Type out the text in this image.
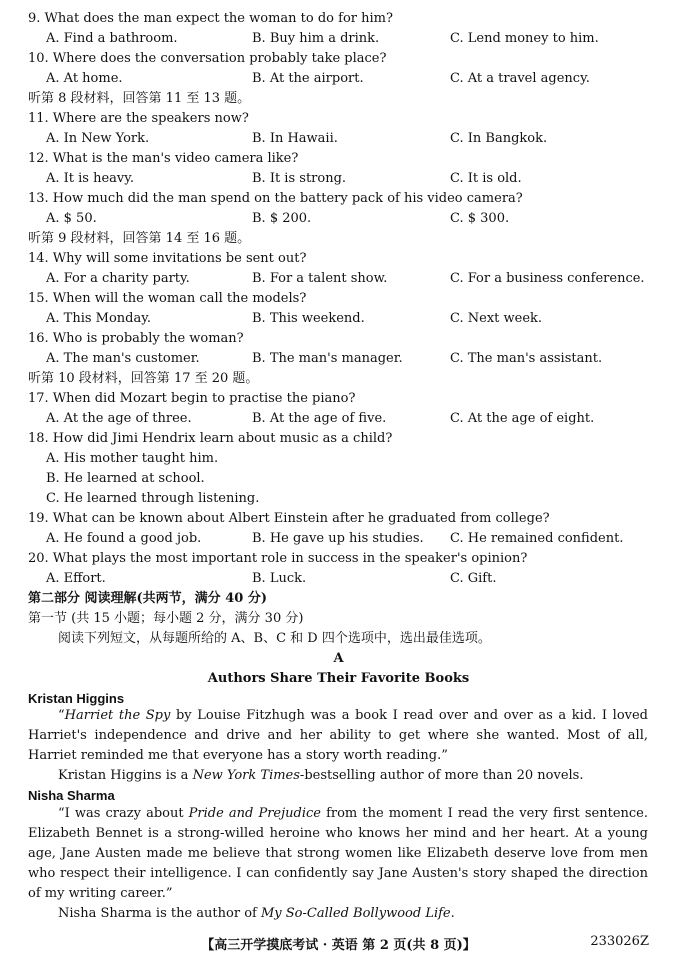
9. What does the man expect the woman to do for him?
A. Find a bathroom.	B. Buy him a drink.	C. Lend money to him.
10. Where does the conversation probably take place?
A. At home.	B. At the airport.	C. At a travel agency.
听第 8 段材料，回答第 11 至 13 题。
11. Where are the speakers now?
A. In New York.	B. In Hawaii.	C. In Bangkok.
12. What is the man's video camera like?
A. It is heavy.	B. It is strong.	C. It is old.
13. How much did the man spend on the battery pack of his video camera?
A. $ 50.	B. $ 200.	C. $ 300.
听第 9 段材料，回答第 14 至 16 题。
14. Why will some invitations be sent out?
A. For a charity party.	B. For a talent show.	C. For a business conference.
15. When will the woman call the models?
A. This Monday.	B. This weekend.	C. Next week.
16. Who is probably the woman?
A. The man's customer.	B. The man's manager.	C. The man's assistant.
听第 10 段材料，回答第 17 至 20 题。
17. When did Mozart begin to practise the piano?
A. At the age of three.	B. At the age of five.	C. At the age of eight.
18. How did Jimi Hendrix learn about music as a child?
A. His mother taught him.
B. He learned at school.
C. He learned through listening.
19. What can be known about Albert Einstein after he graduated from college?
A. He found a good job.	B. He gave up his studies. C. He remained confident.
20. What plays the most important role in success in the speaker's opinion?
A. Effort.	B. Luck.	C. Gift.
第二部分 阅读理解(共两节，满分 40 分)
第一节 (共 15 小题；每小题 2 分，满分 30 分)
阅读下列短文，从每题所给的 A、B、C 和 D 四个选项中，选出最佳选项。
A
Authors Share Their Favorite Books
Kristan Higgins
“Harriet the Spy by Louise Fitzhugh was a book I read over and over as a kid. I loved Harriet's independence and drive and her ability to get where she wanted. Most of all, Harriet reminded me that everyone has a story worth reading.”
Kristan Higgins is a New York Times-bestselling author of more than 20 novels.
Nisha Sharma
“I was crazy about Pride and Prejudice from the moment I read the very first sentence. Elizabeth Bennet is a strong-willed heroine who knows her mind and her heart. At a young age, Jane Austen made me believe that strong women like Elizabeth deserve love from men who respect their intelligence. I can confidently say Jane Austen's story shaped the direction of my writing career.”
Nisha Sharma is the author of My So-Called Bollywood Life.
【高三开学摸底考试 · 英语 第 2 页(共 8 页)】	233026Z
